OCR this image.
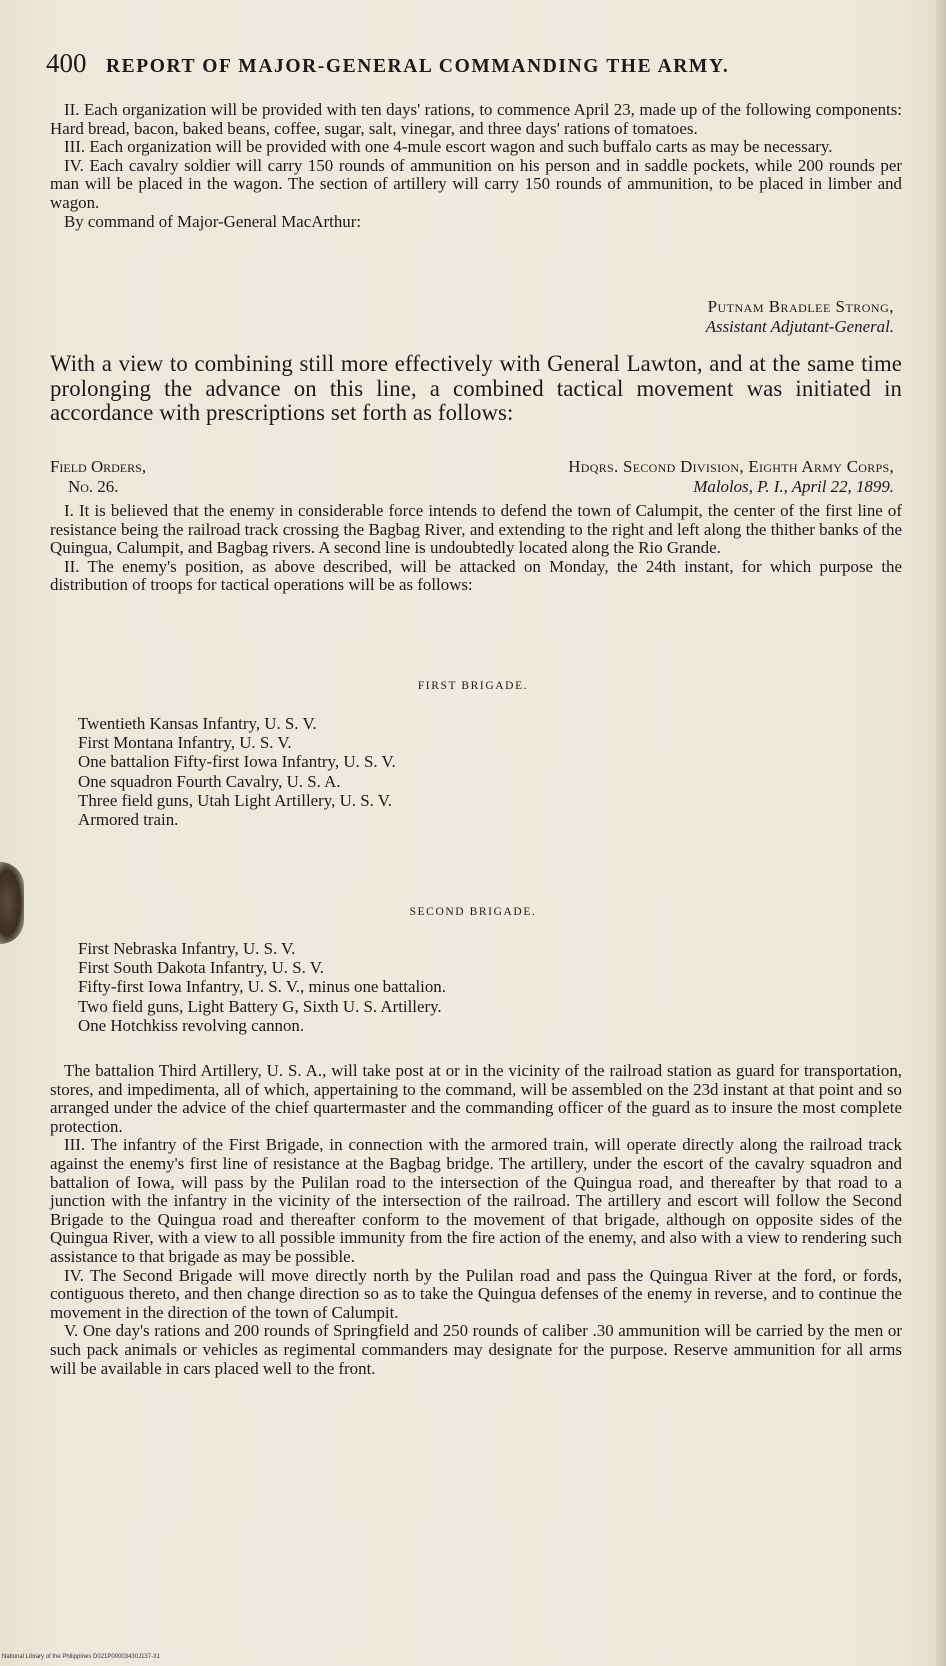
400 REPORT OF MAJOR-GENERAL COMMANDING THE ARMY.

II. Each organization will be provided with ten days' rations, to commence April 23, made up of the following components: Hard bread, bacon, baked beans, coffee, sugar, salt, vinegar, and three days' rations of tomatoes.

III. Each organization will be provided with one 4-mule escort wagon and such buffalo carts as may be necessary.

IV. Each cavalry soldier will carry 150 rounds of ammunition on his person and in saddle pockets, while 200 rounds per man will be placed in the wagon. The section of artillery will carry 150 rounds of ammunition, to be placed in limber and wagon.

By command of Major-General MacArthur:

Putnam Bradlee Strong,
Assistant Adjutant-General.
With a view to combining still more effectively with General Lawton, and at the same time prolonging the advance on this line, a combined tactical movement was initiated in accordance with prescriptions set forth as follows:
Field Orders,
No. 26.
Hdqrs. Second Division, Eighth Army Corps,
Malolos, P. I., April 22, 1899.

I. It is believed that the enemy in considerable force intends to defend the town of Calumpit, the center of the first line of resistance being the railroad track crossing the Bagbag River, and extending to the right and left along the thither banks of the Quingua, Calumpit, and Bagbag rivers. A second line is undoubtedly located along the Rio Grande.

II. The enemy's position, as above described, will be attacked on Monday, the 24th instant, for which purpose the distribution of troops for tactical operations will be as follows:

FIRST BRIGADE.
Twentieth Kansas Infantry, U. S. V.
First Montana Infantry, U. S. V.
One battalion Fifty-first Iowa Infantry, U. S. V.
One squadron Fourth Cavalry, U. S. A.
Three field guns, Utah Light Artillery, U. S. V.
Armored train.
SECOND BRIGADE.
First Nebraska Infantry, U. S. V.
First South Dakota Infantry, U. S. V.
Fifty-first Iowa Infantry, U. S. V., minus one battalion.
Two field guns, Light Battery G, Sixth U. S. Artillery.
One Hotchkiss revolving cannon.

The battalion Third Artillery, U. S. A., will take post at or in the vicinity of the railroad station as guard for transportation, stores, and impedimenta, all of which, appertaining to the command, will be assembled on the 23d instant at that point and so arranged under the advice of the chief quartermaster and the commanding officer of the guard as to insure the most complete protection.

III. The infantry of the First Brigade, in connection with the armored train, will operate directly along the railroad track against the enemy's first line of resistance at the Bagbag bridge. The artillery, under the escort of the cavalry squadron and battalion of Iowa, will pass by the Pulilan road to the intersection of the Quingua road, and thereafter by that road to a junction with the infantry in the vicinity of the intersection of the railroad. The artillery and escort will follow the Second Brigade to the Quingua road and thereafter conform to the movement of that brigade, although on opposite sides of the Quingua River, with a view to all possible immunity from the fire action of the enemy, and also with a view to rendering such assistance to that brigade as may be possible.

IV. The Second Brigade will move directly north by the Pulilan road and pass the Quingua River at the ford, or fords, contiguous thereto, and then change direction so as to take the Quingua defenses of the enemy in reverse, and to continue the movement in the direction of the town of Calumpit.

V. One day's rations and 200 rounds of Springfield and 250 rounds of caliber .30 ammunition will be carried by the men or such pack animals or vehicles as regimental commanders may designate for the purpose. Reserve ammunition for all arms will be available in cars placed well to the front.

National Library of the Philippines D021P00003430J137-31
